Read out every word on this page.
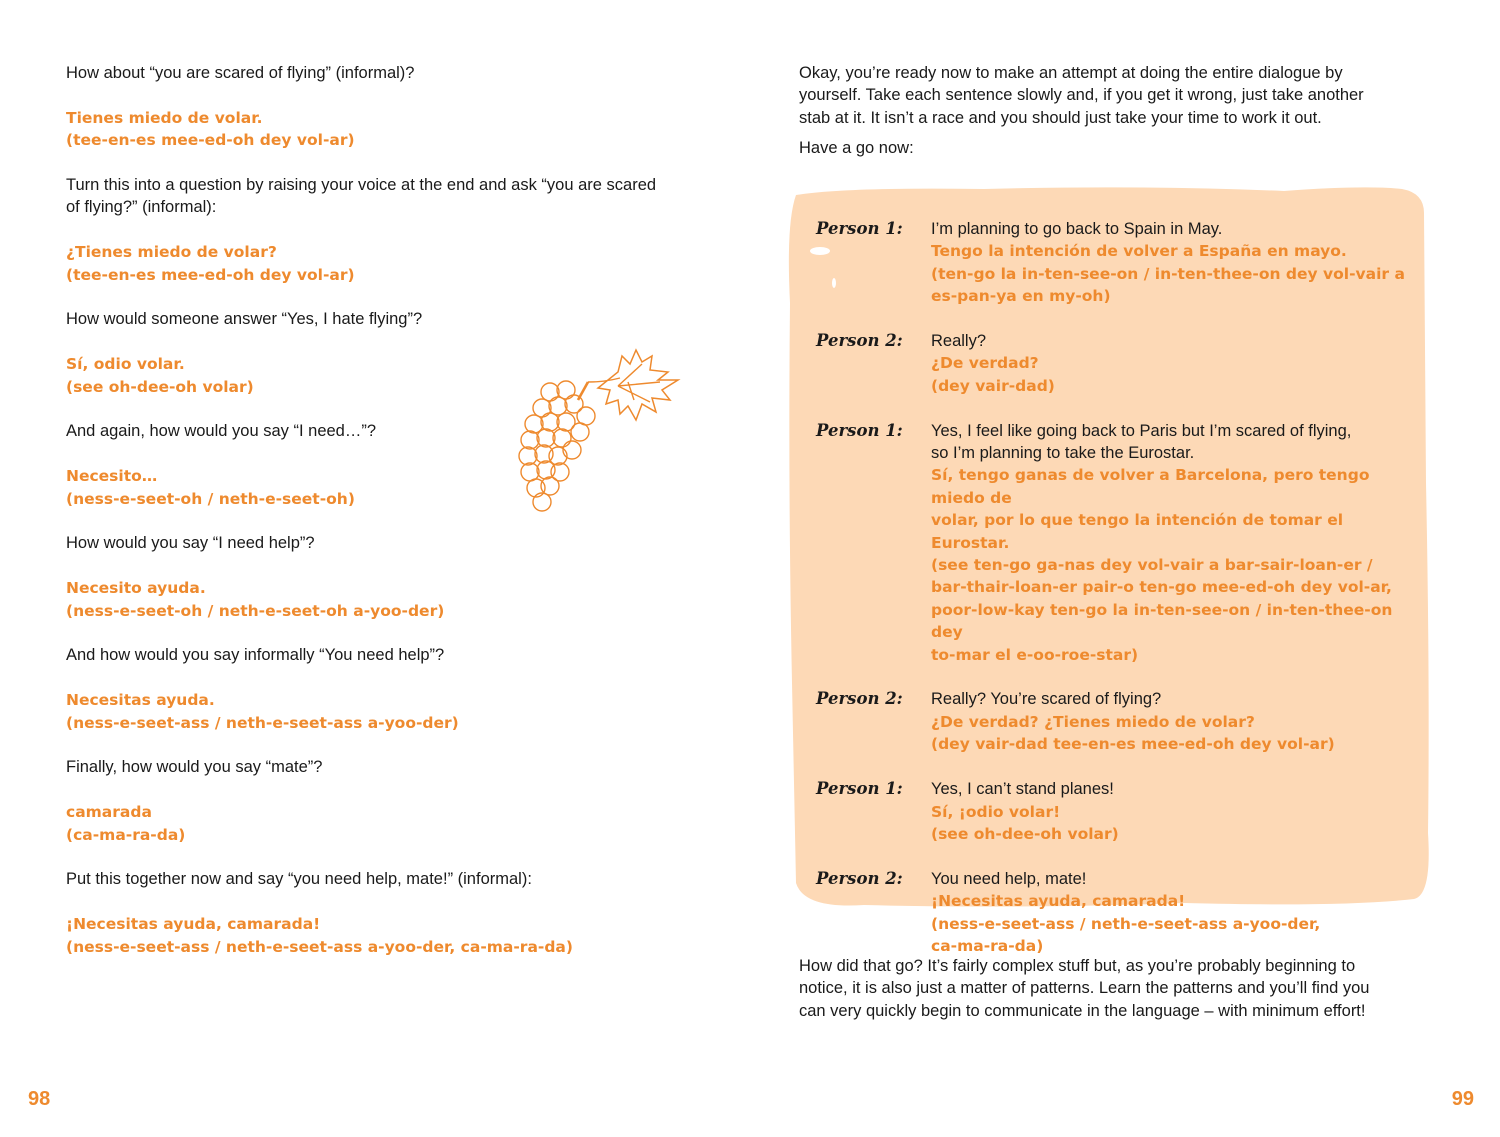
How about “you are scared of flying” (informal)?
Tienes miedo de volar.
(tee-en-es mee-ed-oh dey vol-ar)
Turn this into a question by raising your voice at the end and ask “you are scared
of flying?” (informal):
¿Tienes miedo de volar?
(tee-en-es mee-ed-oh dey vol-ar)
How would someone answer “Yes, I hate flying”?
Sí, odio volar.
(see oh-dee-oh volar)
And again, how would you say “I need…”?
Necesito…
(ness-e-seet-oh / neth-e-seet-oh)
How would you say “I need help”?
Necesito ayuda.
(ness-e-seet-oh / neth-e-seet-oh a-yoo-der)
And how would you say informally “You need help”?
Necesitas ayuda.
(ness-e-seet-ass / neth-e-seet-ass a-yoo-der)
Finally, how would you say “mate”?
camarada
(ca-ma-ra-da)
Put this together now and say “you need help, mate!” (informal):
¡Necesitas ayuda, camarada!
(ness-e-seet-ass / neth-e-seet-ass a-yoo-der, ca-ma-ra-da)
98
Okay, you’re ready now to make an attempt at doing the entire dialogue by
yourself. Take each sentence slowly and, if you get it wrong, just take another
stab at it. It isn’t a race and you should just take your time to work it out.
Have a go now:
Person 1:	I’m planning to go back to Spain in May.
Tengo la intención de volver a España en mayo.
(ten-go la in-ten-see-on / in-ten-thee-on dey vol-vair a
es-pan-ya en my-oh)
Person 2:	Really?
¿De verdad?
(dey vair-dad)
Person 1:	Yes, I feel like going back to Paris but I’m scared of flying,
so I’m planning to take the Eurostar.
Sí, tengo ganas de volver a Barcelona, pero tengo miedo de
volar, por lo que tengo la intención de tomar el Eurostar.
(see ten-go ga-nas dey vol-vair a bar-sair-loan-er /
bar-thair-loan-er pair-o ten-go mee-ed-oh dey vol-ar,
poor-low-kay ten-go la in-ten-see-on / in-ten-thee-on dey
to-mar el e-oo-roe-star)
Person 2:	Really? You’re scared of flying?
¿De verdad? ¿Tienes miedo de volar?
(dey vair-dad tee-en-es mee-ed-oh dey vol-ar)
Person 1:	Yes, I can’t stand planes!
Sí, ¡odio volar!
(see oh-dee-oh volar)
Person 2:	You need help, mate!
¡Necesitas ayuda, camarada!
(ness-e-seet-ass / neth-e-seet-ass a-yoo-der,
ca-ma-ra-da)
How did that go? It’s fairly complex stuff but, as you’re probably beginning to
notice, it is also just a matter of patterns. Learn the patterns and you’ll find you
can very quickly begin to communicate in the language – with minimum effort!
99
